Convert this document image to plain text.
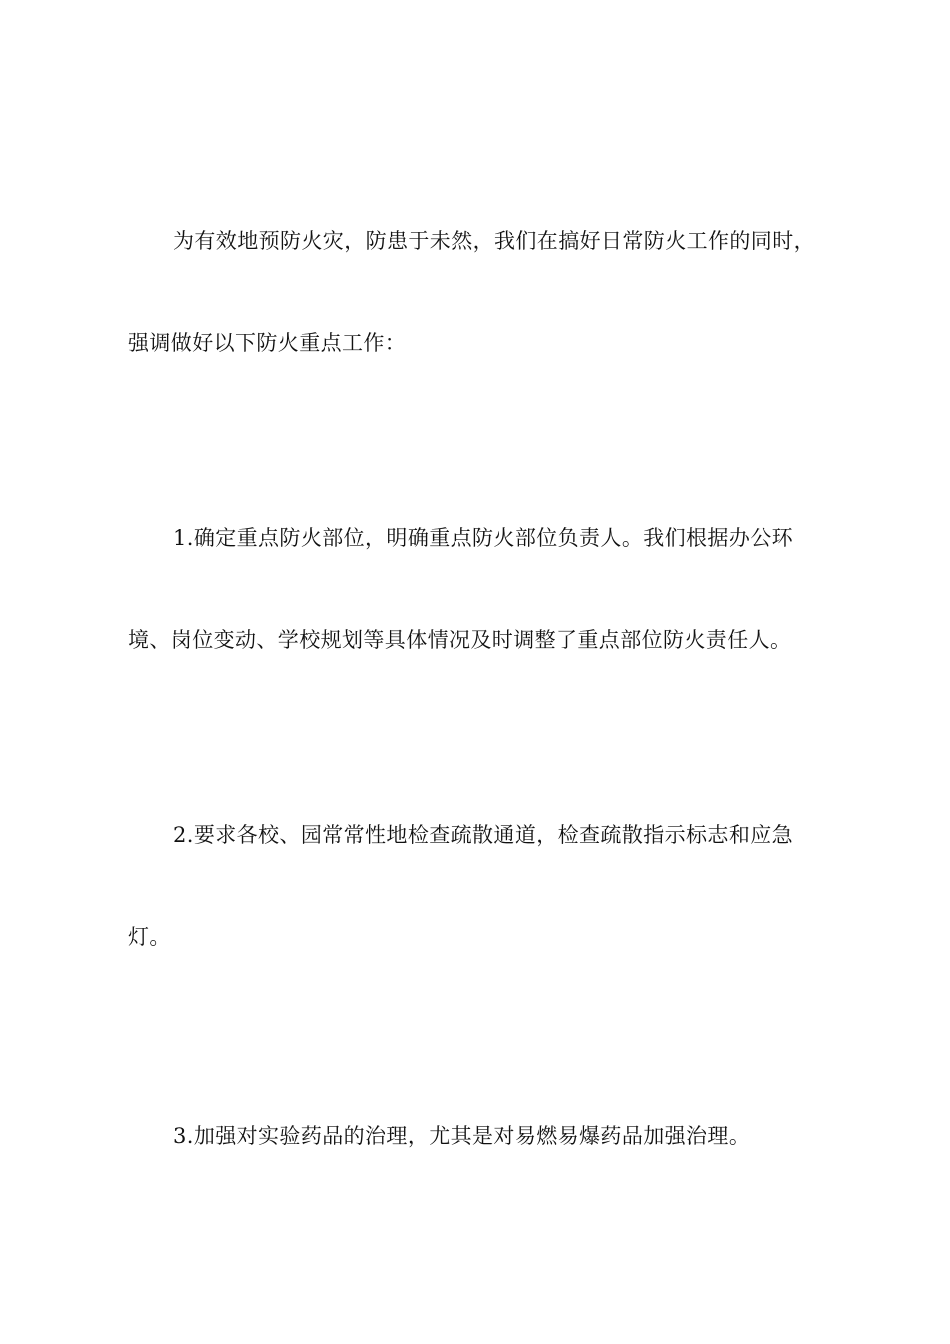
为有效地预防火灾，防患于未然，我们在搞好日常防火工作的同时，
强调做好以下防火重点工作：
1.确定重点防火部位，明确重点防火部位负责人。我们根据办公环
境、岗位变动、学校规划等具体情况及时调整了重点部位防火责任人。
2.要求各校、园常常性地检查疏散通道，检查疏散指示标志和应急
灯。
3.加强对实验药品的治理，尤其是对易燃易爆药品加强治理。
